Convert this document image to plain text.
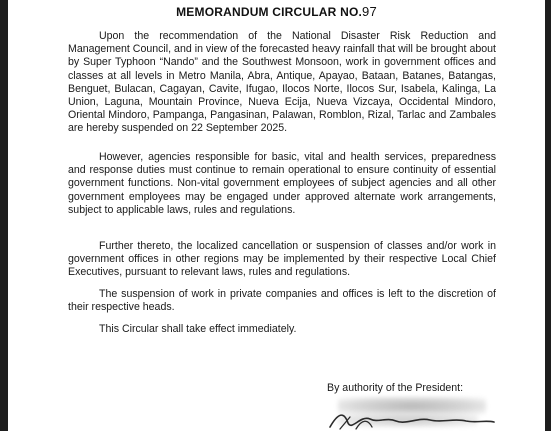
MEMORANDUM CIRCULAR NO.97

Upon the recommendation of the National Disaster Risk Reduction and Management Council, and in view of the forecasted heavy rainfall that will be brought about by Super Typhoon “Nando” and the Southwest Monsoon, work in government offices and classes at all levels in Metro Manila, Abra, Antique, Apayao, Bataan, Batanes, Batangas, Benguet, Bulacan, Cagayan, Cavite, Ifugao, Ilocos Norte, Ilocos Sur, Isabela, Kalinga, La Union, Laguna, Mountain Province, Nueva Ecija, Nueva Vizcaya, Occidental Mindoro, Oriental Mindoro, Pampanga, Pangasinan, Palawan, Romblon, Rizal, Tarlac and Zambales are hereby suspended on 22 September 2025.

However, agencies responsible for basic, vital and health services, preparedness and response duties must continue to remain operational to ensure continuity of essential government functions. Non-vital government employees of subject agencies and all other government employees may be engaged under approved alternate work arrangements, subject to applicable laws, rules and regulations.

Further thereto, the localized cancellation or suspension of classes and/or work in government offices in other regions may be implemented by their respective Local Chief Executives, pursuant to relevant laws, rules and regulations.

The suspension of work in private companies and offices is left to the discretion of their respective heads.

This Circular shall take effect immediately.

By authority of the President:
